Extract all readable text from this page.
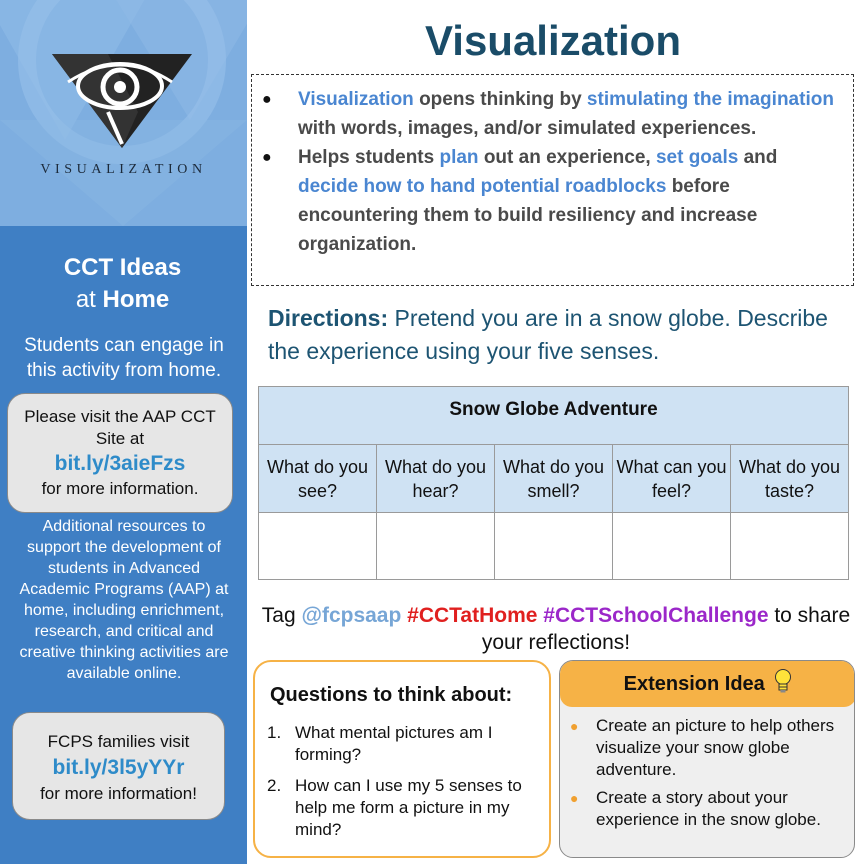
VISUALIZATION
CCT Ideas
at Home
Students can engage in this activity from home.
Please visit the AAP CCT Site at
bit.ly/3aieFzs
for more information.
Additional resources to support the development of students in Advanced Academic Programs (AAP) at home, including enrichment, research, and critical and creative thinking activities are available online.
FCPS families visit
bit.ly/3l5yYYr
for more information!
Visualization
● Visualization opens thinking by stimulating the imagination with words, images, and/or simulated experiences.
● Helps students plan out an experience, set goals and decide how to hand potential roadblocks before encountering them to build resiliency and increase organization.
Directions: Pretend you are in a snow globe. Describe the experience using your five senses.
Snow Globe Adventure				
What do you see?	What do you hear?	What do you smell?	What can you feel?	What do you taste?

Tag @fcpsaap #CCTatHome #CCTSchoolChallenge to share your reflections!
Questions to think about:
1. What mental pictures am I forming?
2. How can I use my 5 senses to help me form a picture in my mind?
Extension Idea
● Create an picture to help others visualize your snow globe adventure.
● Create a story about your experience in the snow globe.
